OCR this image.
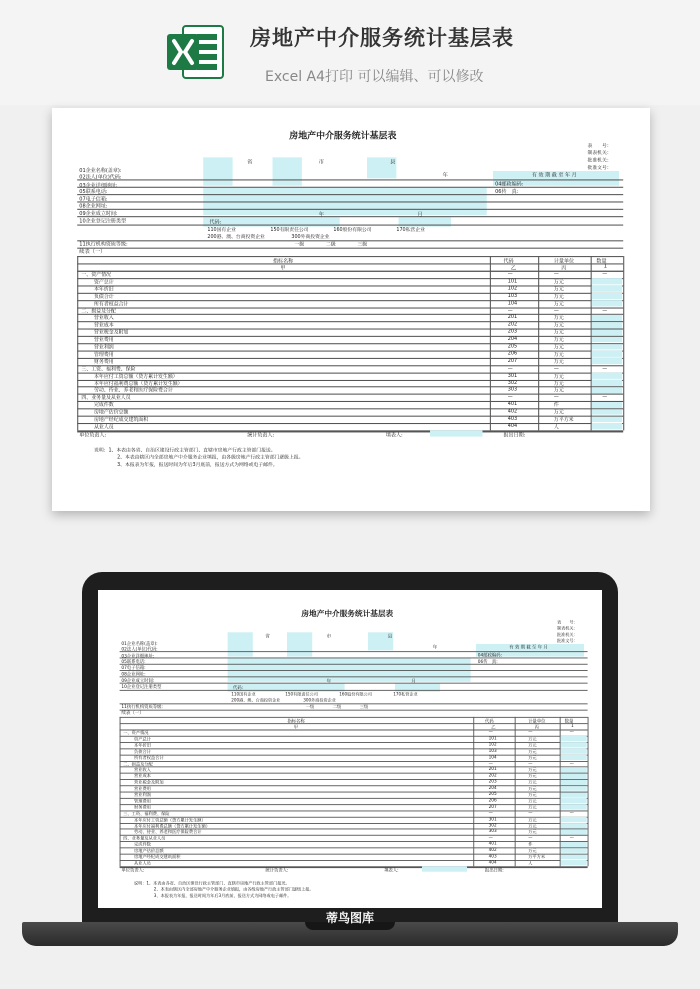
房地产中介服务统计基层表
Excel A4打印 可以编辑、可以修改
房地产中介服务统计基层表
表　　号：
制表机关：
批准机关：
批准文号：
省	市	县
年	有 效 期 截 至 年 月
04邮政编码:
06传　真:
01企业名称(盖章):
02法人(单位)代码:
03企业详细地址:
05联系电话:
07电子信箱:
08企业网址:
09企业成立时间:
10企业登记注册类型
11执行机构资质等级:
年	月
代码:
110国有企业	150有限责任公司	160股份有限公司	170私营企业
200港、澳、台商投资企业	300外商投资企业
一级	二级	三级
续表（一）
指标名称	代码	计量单位	数量
甲	乙	丙	1
一、资产情况	—	—	—
资产总计	101	万元
本年折旧	102	万元
负债合计	103	万元
所有者权益合计	104	万元
二、损益及分配	—	—	—
营业收入	201	万元
营业成本	202	万元
营业税金及附加	203	万元
营业费用	204	万元
营业利润	205	万元
管理费用	206	万元
财务费用	207	万元
三、工资、福利费、保险	—	—	—
本年应付工资总额（贷方累计发生额）	301	万元
本年应付福利费总额（贷方累计发生额）	302	万元
劳动、待业、养老和医疗保险费合计	303	万元
四、业务量及从业人员	—	—	—
完成件数	401	件
房地产估价总额	402	万元
房地产经纪成交建筑面积	403	万平方米
从业人员	404	人
单位负责人:	统计负责人:	填表人:	报出日期:
说明：1、本表由各省、自治区建设行政主管部门、直辖市房地产行政主管部门报送。
2、本表由辖区内全部房地产中介服务企业填报，由各级房地产行政主管部门逐级上报。
3、本报表为年报，报送时间为年后3月底前，报送方式为网络或电子邮件。
房地产中介服务统计基层表
表　　号：
制表机关：
批准机关：
批准文号：
省	市	县
年	有 效 期 截 至 年 月
04邮政编码:
06传　真:
01企业名称(盖章):
02法人(单位)代码:
03企业详细地址:
05联系电话:
07电子信箱:
08企业网址:
09企业成立时间:
10企业登记注册类型
11执行机构资质等级:
年	月
代码:
110国有企业	150有限责任公司	160股份有限公司	170私营企业
200港、澳、台商投资企业	300外商投资企业
一级	二级	三级
续表（一）
指标名称	代码	计量单位	数量
甲	乙	丙	1
一、资产情况	—	—	—
资产总计	101	万元
本年折旧	102	万元
负债合计	103	万元
所有者权益合计	104	万元
二、损益及分配	—	—	—
营业收入	201	万元
营业成本	202	万元
营业税金及附加	203	万元
营业费用	204	万元
营业利润	205	万元
管理费用	206	万元
财务费用	207	万元
三、工资、福利费、保险	—	—	—
本年应付工资总额（贷方累计发生额）	301	万元
本年应付福利费总额（贷方累计发生额）	302	万元
劳动、待业、养老和医疗保险费合计	303	万元
四、业务量及从业人员	—	—	—
完成件数	401	件
房地产估价总额	402	万元
房地产经纪成交建筑面积	403	万平方米
从业人员	404	人
单位负责人:	统计负责人:	填表人:	报出日期:
说明：1、本表由各省、自治区建设行政主管部门、直辖市房地产行政主管部门报送。
2、本表由辖区内全部房地产中介服务企业填报，由各级房地产行政主管部门逐级上报。
3、本报表为年报，报送时间为年后3月底前，报送方式为网络或电子邮件。
蒂鸟图库
